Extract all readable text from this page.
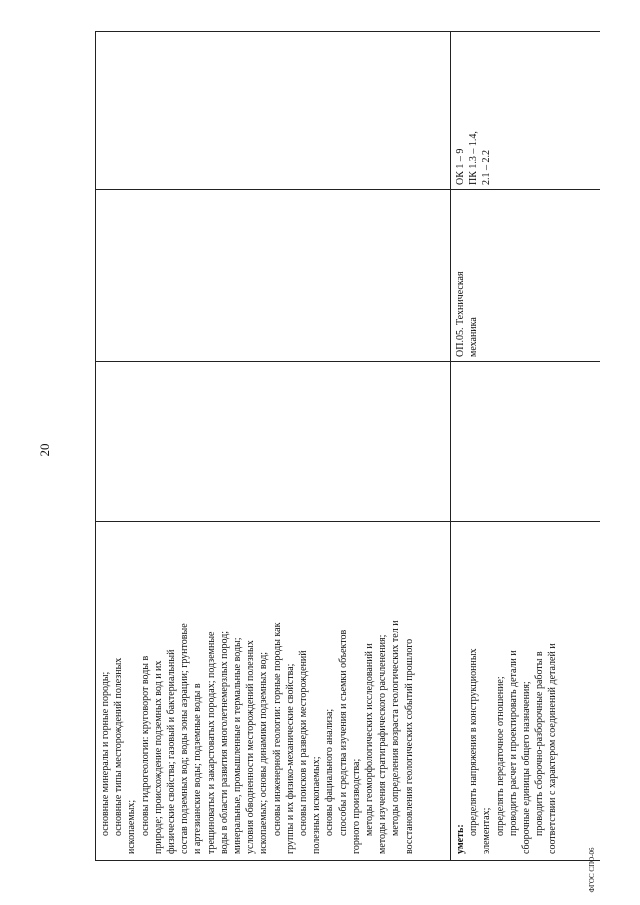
20
основные минералы и горные породы; основные типы месторождений полезных ископаемых; основы гидрогеологии: круговорот воды в природе; происхождение подземных вод и их физические свойства; газовый и бактериальный состав подземных вод; воды зоны аэрации; грунтовые и артезианские воды; подземные воды в трещиноватых и закарстоватых породах; подземные воды в области развития многолетнемерзлых пород; минеральные, промышленные и термальные воды; условия обводненности месторождений полезных ископаемых; основы динамики подземных вод; основы инженерной геологии: горные породы как группы и их физико-механические свойства; основы поисков и разведки месторождений полезных ископаемых; основы фациального анализа; способы и средства изучения и съемки объектов горного производства; методы геоморфологических исследований и методы изучения стратиграфического расчленения; методы определения возраста геологических тел и восстановления геологических событий прошлого	уметь:
определять напряжения в конструкционных элементах; определять передаточное отношение; проводить расчет и проектировать детали и сборочные единицы общего назначения; проводить сборочно-разборочные работы в соответствии с характером соединений деталей и
ОП.05. Техническая механика
ОК 1 – 9 ПК 1.3 – 1.4, 2.1 – 2.2
ФГОС СПО-06
